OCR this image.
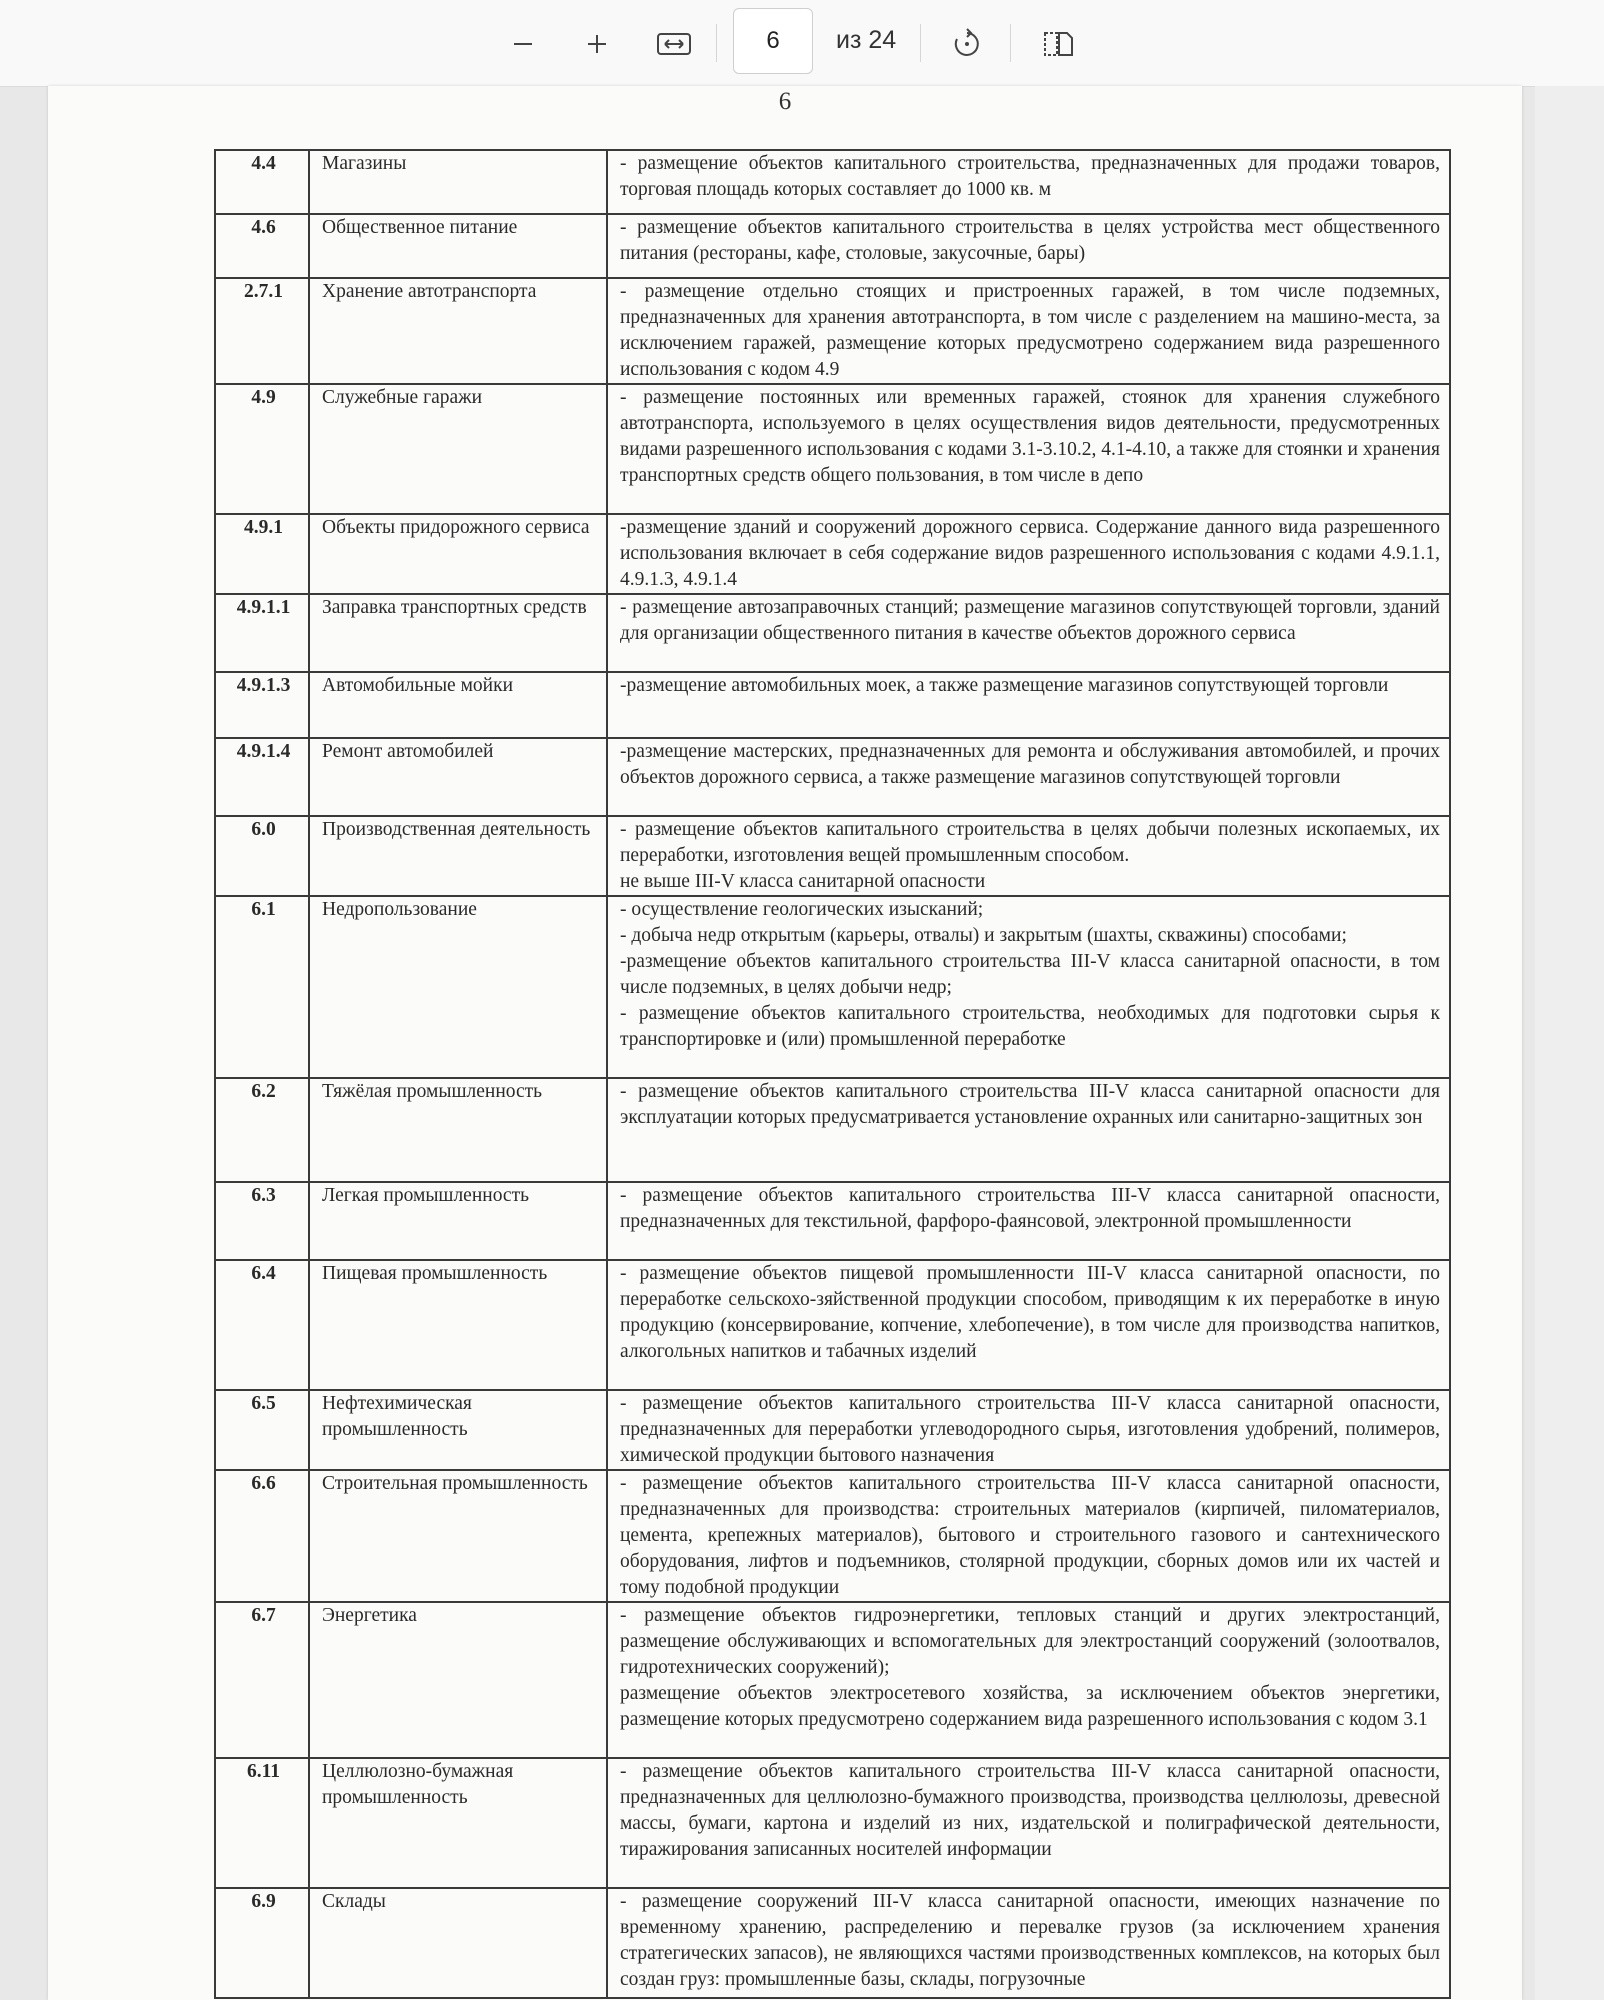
6
из 24
6
4.4	Магазины	- размещение объектов капитального строительства, предназначенных для продажи товаров, торговая площадь которых составляет до 1000 кв. м

4.6	Общественное питание	- размещение объектов капитального строительства в целях устройства мест общественного питания (рестораны, кафе, столовые, закусочные, бары)

2.7.1	Хранение автотранспорта	- размещение отдельно стоящих и пристроенных гаражей, в том числе подземных, предназначенных для хранения автотранспорта, в том числе с разделением на машино-места, за исключением гаражей, размещение которых предусмотрено содержанием вида разрешенного использования с кодом 4.9

4.9	Служебные гаражи	- размещение постоянных или временных гаражей, стоянок для хранения служебного автотранспорта, используемого в целях осуществления видов деятельности, предусмотренных видами разрешенного использования с кодами 3.1-3.10.2, 4.1-4.10, а также для стоянки и хранения транспортных средств общего пользования, в том числе в депо

4.9.1	Объекты придорожного сервиса	-размещение зданий и сооружений дорожного сервиса. Содержание данного вида разрешенного использования включает в себя содержание видов разрешенного использования с кодами 4.9.1.1, 4.9.1.3, 4.9.1.4

4.9.1.1	Заправка транспортных средств	- размещение автозаправочных станций; размещение магазинов сопутствующей торговли, зданий для организации общественного питания в качестве объектов дорожного сервиса

4.9.1.3	Автомобильные мойки	-размещение автомобильных моек, а также размещение магазинов сопутствующей торговли

4.9.1.4	Ремонт автомобилей	-размещение мастерских, предназначенных для ремонта и обслуживания автомобилей, и прочих объектов дорожного сервиса, а также размещение магазинов сопутствующей торговли

6.0	Производственная деятельность	- размещение объектов капитального строительства в целях добычи полезных ископаемых, их переработки, изготовления вещей промышленным способом.
не выше III-V класса санитарной опасности

6.1	Недропользование	- осуществление геологических изысканий;
- добыча недр открытым (карьеры, отвалы) и закрытым (шахты, скважины) способами;
-размещение объектов капитального строительства III-V класса санитарной опасности, в том числе подземных, в целях добычи недр;
- размещение объектов капитального строительства, необходимых для подготовки сырья к транспортировке и (или) промышленной переработке

6.2	Тяжёлая промышленность	- размещение объектов капитального строительства III-V класса санитарной опасности для эксплуатации которых предусматривается установление охранных или санитарно-защитных зон

6.3	Легкая промышленность	- размещение объектов капитального строительства III-V класса санитарной опасности, предназначенных для текстильной, фарфоро-фаянсовой, электронной промышленности

6.4	Пищевая промышленность	- размещение объектов пищевой промышленности III-V класса санитарной опасности, по переработке сельскохо-зяйственной продукции способом, приводящим к их переработке в иную продукцию (консервирование, копчение, хлебопечение), в том числе для производства напитков, алкогольных напитков и табачных изделий

6.5	Нефтехимическая промышленность	- размещение объектов капитального строительства III-V класса санитарной опасности, предназначенных для переработки углеводородного сырья, изготовления удобрений, полимеров, химической продукции бытового назначения

6.6	Строительная промышленность	- размещение объектов капитального строительства III-V класса санитарной опасности, предназначенных для производства: строительных материалов (кирпичей, пиломатериалов, цемента, крепежных материалов), бытового и строительного газового и сантехнического оборудования, лифтов и подъемников, столярной продукции, сборных домов или их частей и тому подобной продукции

6.7	Энергетика	- размещение объектов гидроэнергетики, тепловых станций и других электростанций, размещение обслуживающих и вспомогательных для электростанций сооружений (золоотвалов, гидротехнических сооружений);
размещение объектов электросетевого хозяйства, за исключением объектов энергетики, размещение которых предусмотрено содержанием вида разрешенного использования с кодом 3.1

6.11	Целлюлозно-бумажная промышленность	- размещение объектов капитального строительства III-V класса санитарной опасности, предназначенных для целлюлозно-бумажного производства, производства целлюлозы, древесной массы, бумаги, картона и изделий из них, издательской и полиграфической деятельности, тиражирования записанных носителей информации

6.9	Склады	- размещение сооружений III-V класса санитарной опасности, имеющих назначение по временному хранению, распределению и перевалке грузов (за исключением хранения стратегических запасов), не являющихся частями производственных комплексов, на которых был создан груз: промышленные базы, склады, погрузочные
